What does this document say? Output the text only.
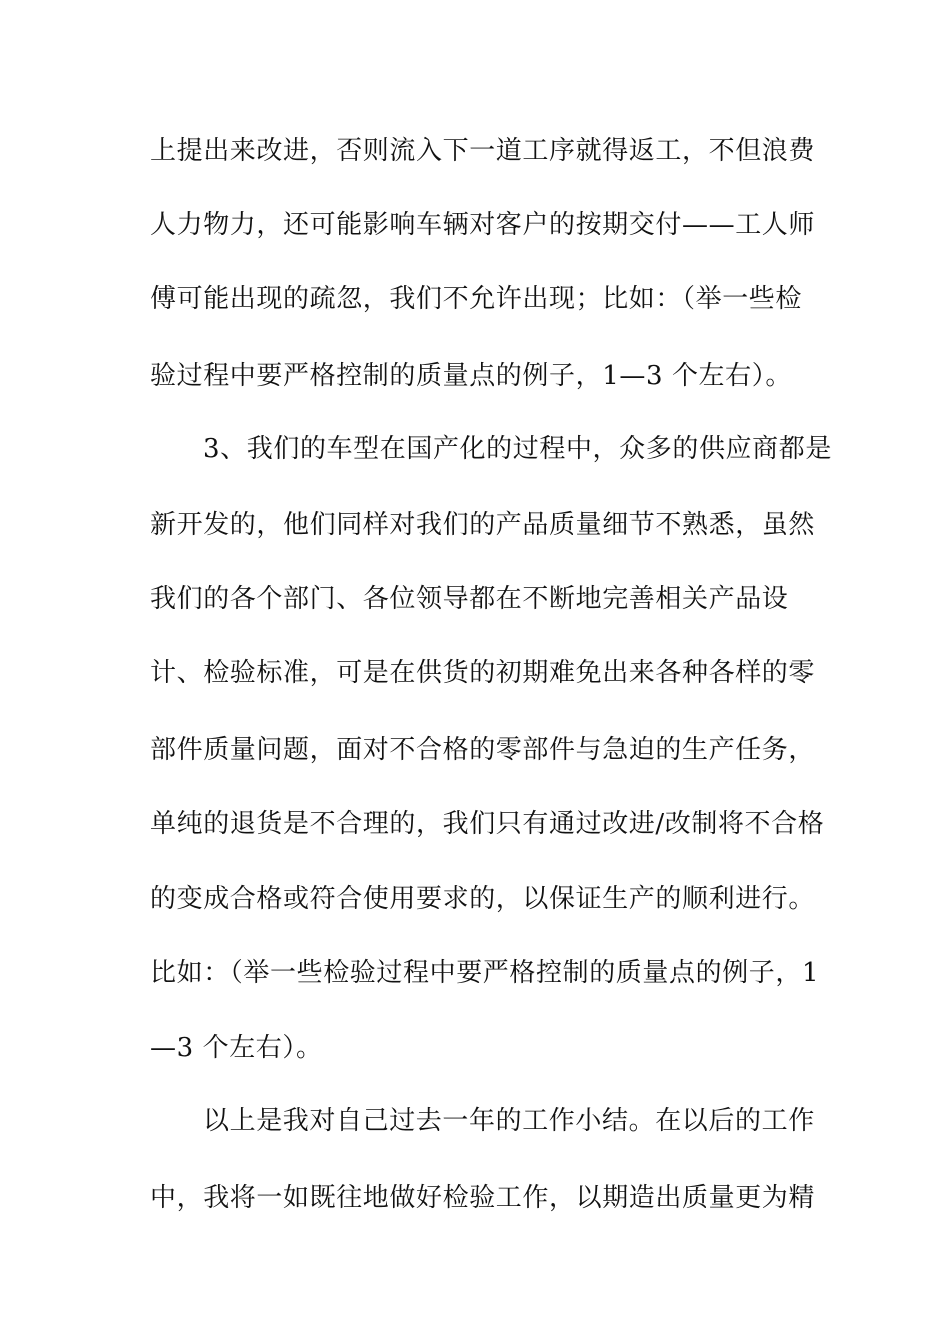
上提出来改进，否则流入下一道工序就得返工，不但浪费
人力物力，还可能影响车辆对客户的按期交付——工人师
傅可能出现的疏忽，我们不允许出现；比如：（举一些检
验过程中要严格控制的质量点的例子，1—3 个左右）。
3、我们的车型在国产化的过程中，众多的供应商都是
新开发的，他们同样对我们的产品质量细节不熟悉，虽然
我们的各个部门、各位领导都在不断地完善相关产品设
计、检验标准，可是在供货的初期难免出来各种各样的零
部件质量问题，面对不合格的零部件与急迫的生产任务，
单纯的退货是不合理的，我们只有通过改进/改制将不合格
的变成合格或符合使用要求的，以保证生产的顺利进行。
比如：（举一些检验过程中要严格控制的质量点的例子，1
—3 个左右）。
以上是我对自己过去一年的工作小结。在以后的工作
中，我将一如既往地做好检验工作，以期造出质量更为精
